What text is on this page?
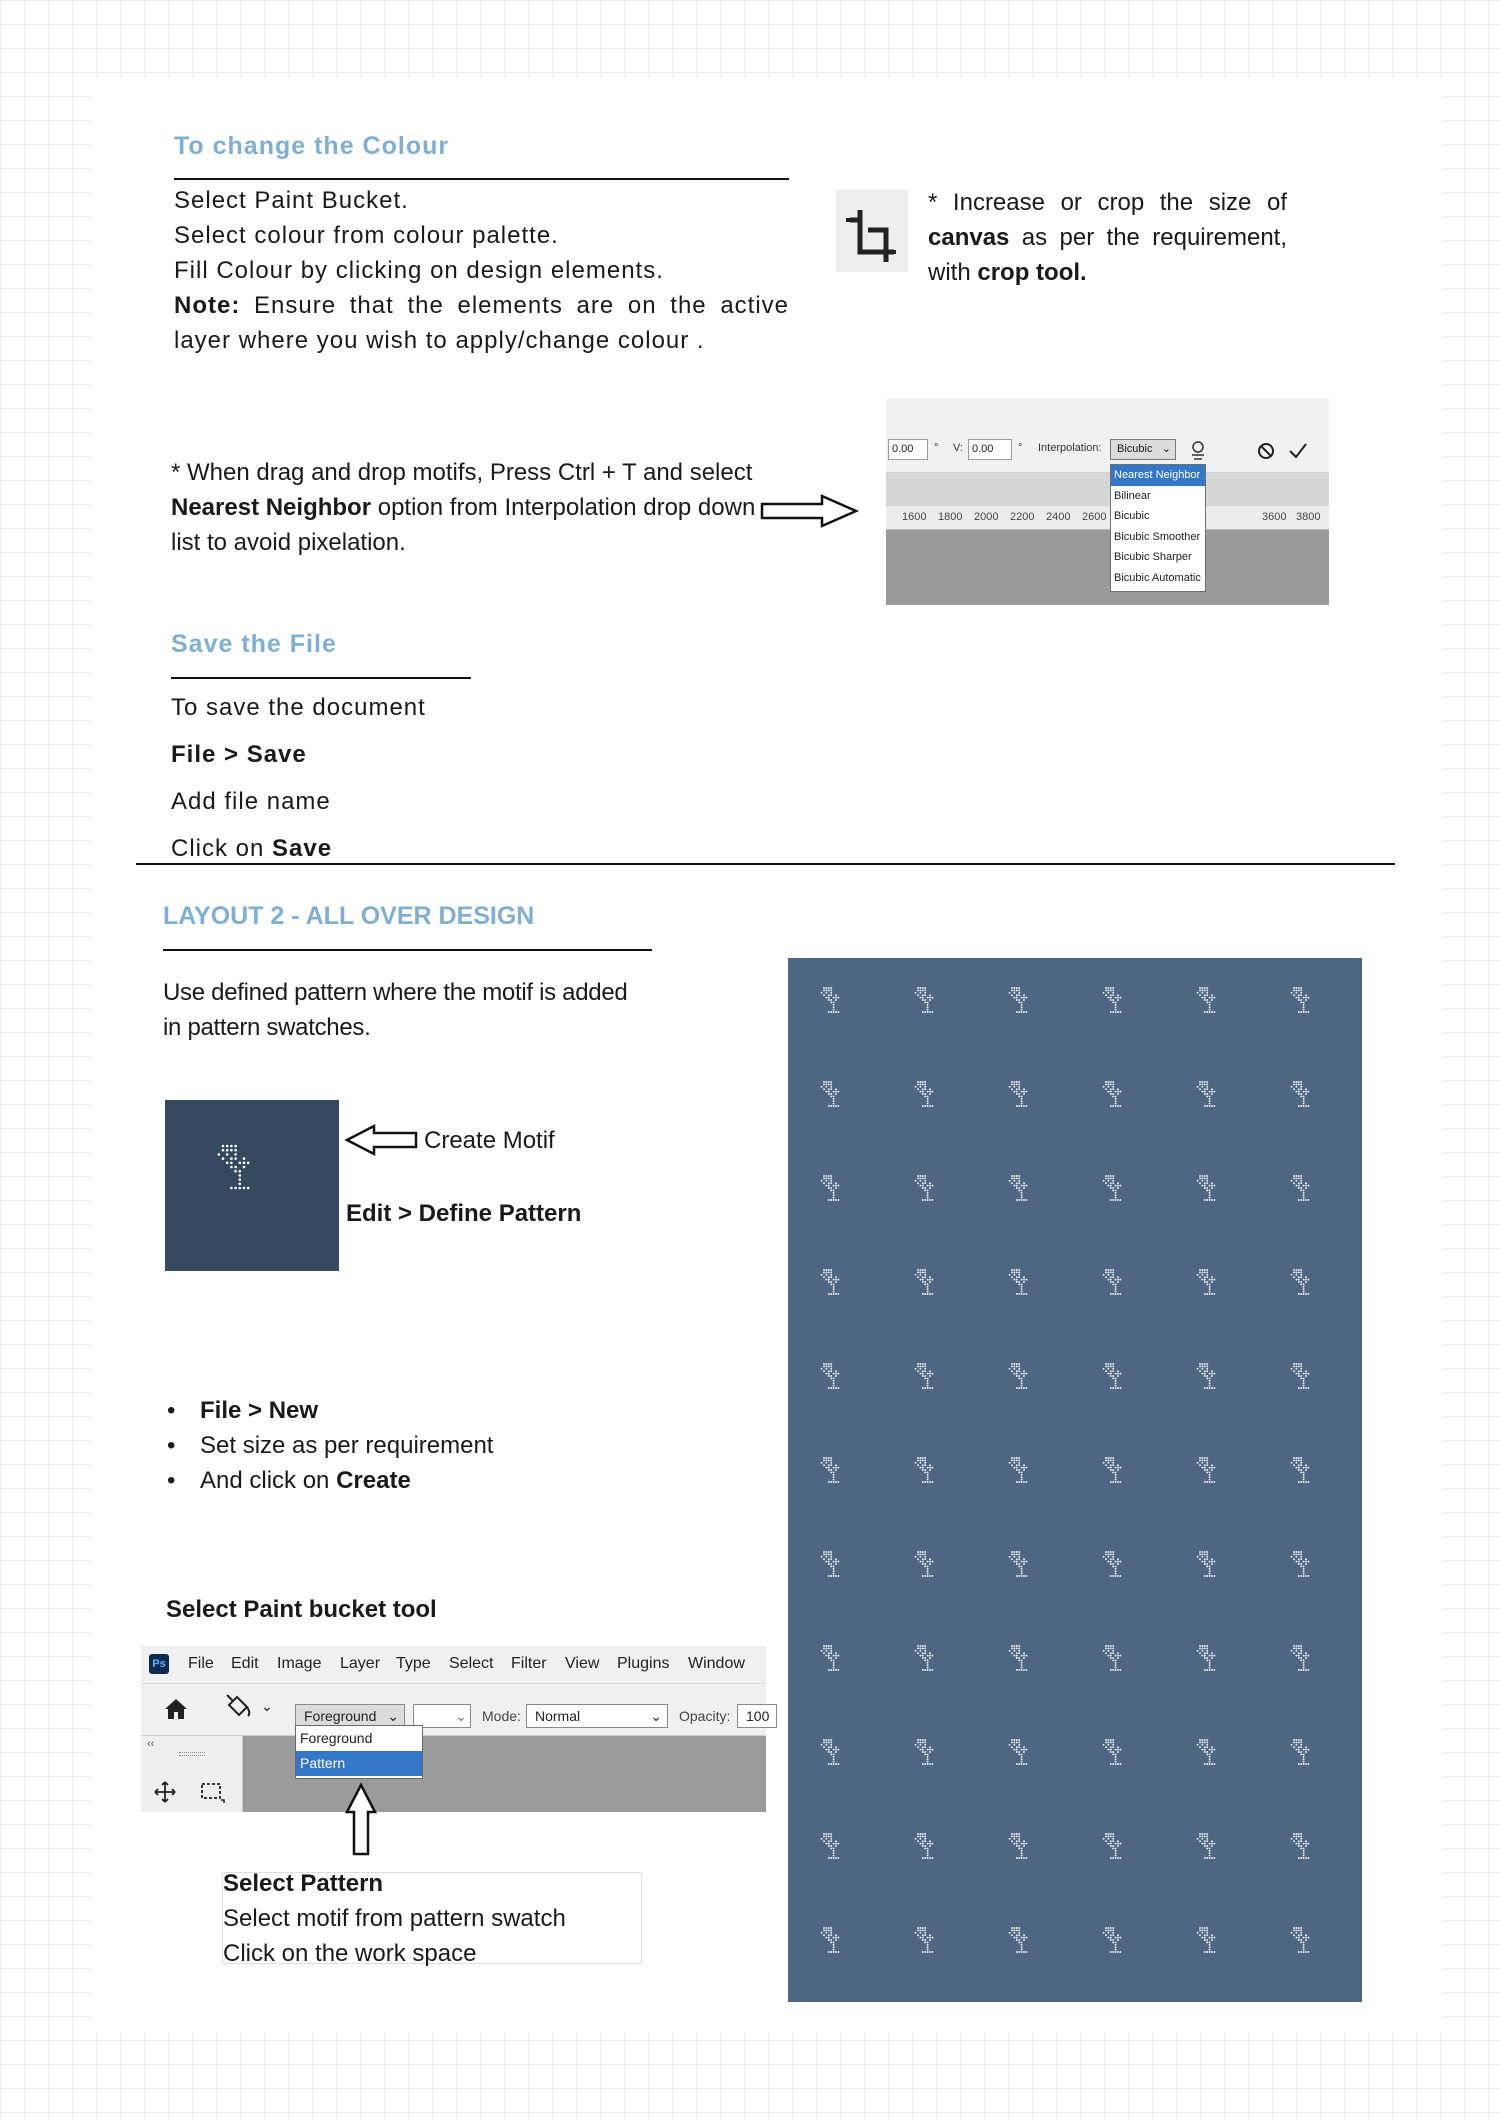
To change the Colour

Select Paint Bucket.

Select colour from colour palette.

Fill Colour by clicking on design elements.

Note: Ensure that the elements are on the active

layer where you wish to apply/change colour .

* Increase or crop the size of

canvas as per the requirement,

with crop tool.

* When drag and drop motifs, Press Ctrl + T and select

Nearest Neighbor option from Interpolation drop down

list to avoid pixelation.

0.00	° V: 0.00	° Interpolation:	Bicubic ⌄
1600 1800 2000 2200 2400 2600	3600 3800
Nearest Neighbor
Bilinear
Bicubic
Bicubic Smoother
Bicubic Sharper
Bicubic Automatic
Save the File

To save the document

File > Save

Add file name

Click on Save

LAYOUT 2 - ALL OVER DESIGN

Use defined pattern where the motif is added

in pattern swatches.

Create Motif
Edit > Define Pattern
• File > New
• Set size as per requirement
• And click on Create
Select Paint bucket tool
Ps File Edit Image Layer Type Select Filter View Plugins Window
⌄
Foreground ⌄	⌄ Mode:	Normal	⌄ Opacity:	100
‹‹	Foreground
Pattern

Select Pattern

Select motif from pattern swatch

Click on the work space
